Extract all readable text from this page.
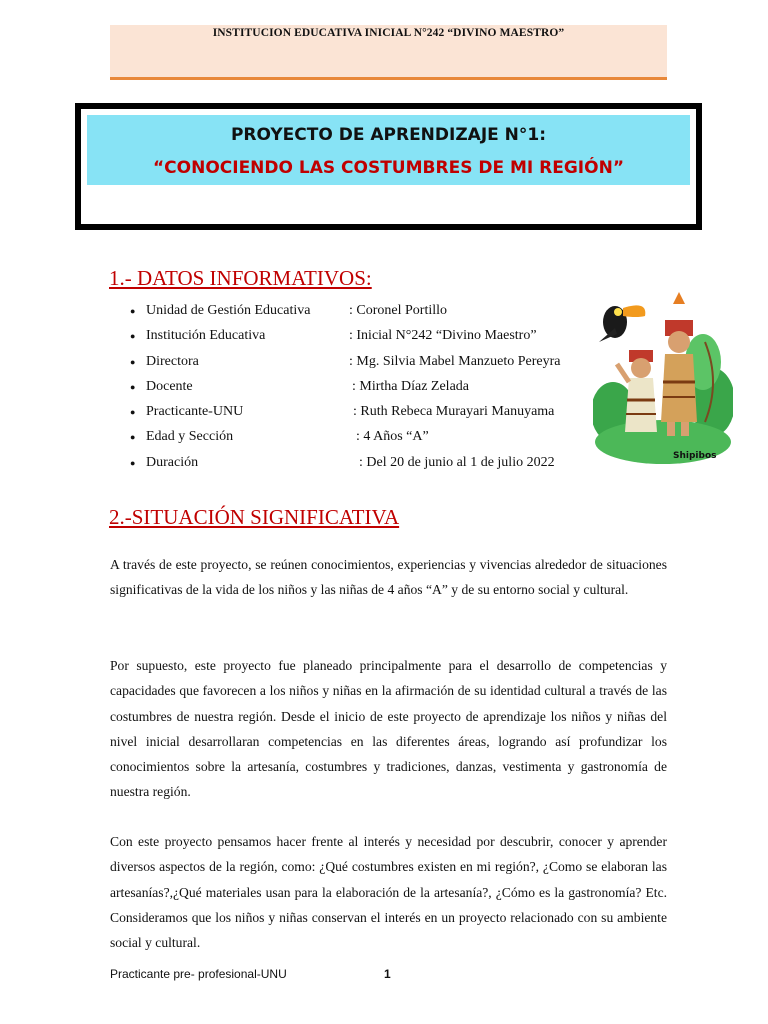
INSTITUCION EDUCATIVA INICIAL N°242 “DIVINO MAESTRO”
PROYECTO DE APRENDIZAJE N°1:
“CONOCIENDO LAS COSTUMBRES DE MI REGIÓN”
1.- DATOS INFORMATIVOS:
● Unidad de Gestión Educativa	: Coronel Portillo
● Institución Educativa	: Inicial N°242 “Divino Maestro”
● Directora	: Mg. Silvia Mabel Manzueto Pereyra
● Docente	: Mirtha Díaz Zelada
● Practicante-UNU	: Ruth Rebeca Murayari Manuyama
● Edad y Sección	: 4 Años “A”
● Duración	: Del 20 de junio al 1 de julio 2022	Shipibos
2.-SITUACIÓN SIGNIFICATIVA

A través de este proyecto, se reúnen conocimientos, experiencias y vivencias alrededor de situaciones significativas de la vida de los niños y las niñas de 4 años “A” y de su entorno social y cultural.

Por supuesto, este proyecto fue planeado principalmente para el desarrollo de competencias y capacidades que favorecen a los niños y niñas en la afirmación de su identidad cultural a través de las costumbres de nuestra región. Desde el inicio de este proyecto de aprendizaje los niños y niñas del nivel inicial desarrollaran competencias en las diferentes áreas, logrando así profundizar los conocimientos sobre la artesanía, costumbres y tradiciones, danzas, vestimenta y gastronomía de nuestra región.

Con este proyecto pensamos hacer frente al interés y necesidad por descubrir, conocer y aprender diversos aspectos de la región, como: ¿Qué costumbres existen en mi región?, ¿Como se elaboran las artesanías?,¿Qué materiales usan para la elaboración de la artesanía?, ¿Cómo es la gastronomía? Etc. Consideramos que los niños y niñas conservan el interés en un proyecto relacionado con su ambiente social y cultural.

Practicante pre- profesional-UNU	1
